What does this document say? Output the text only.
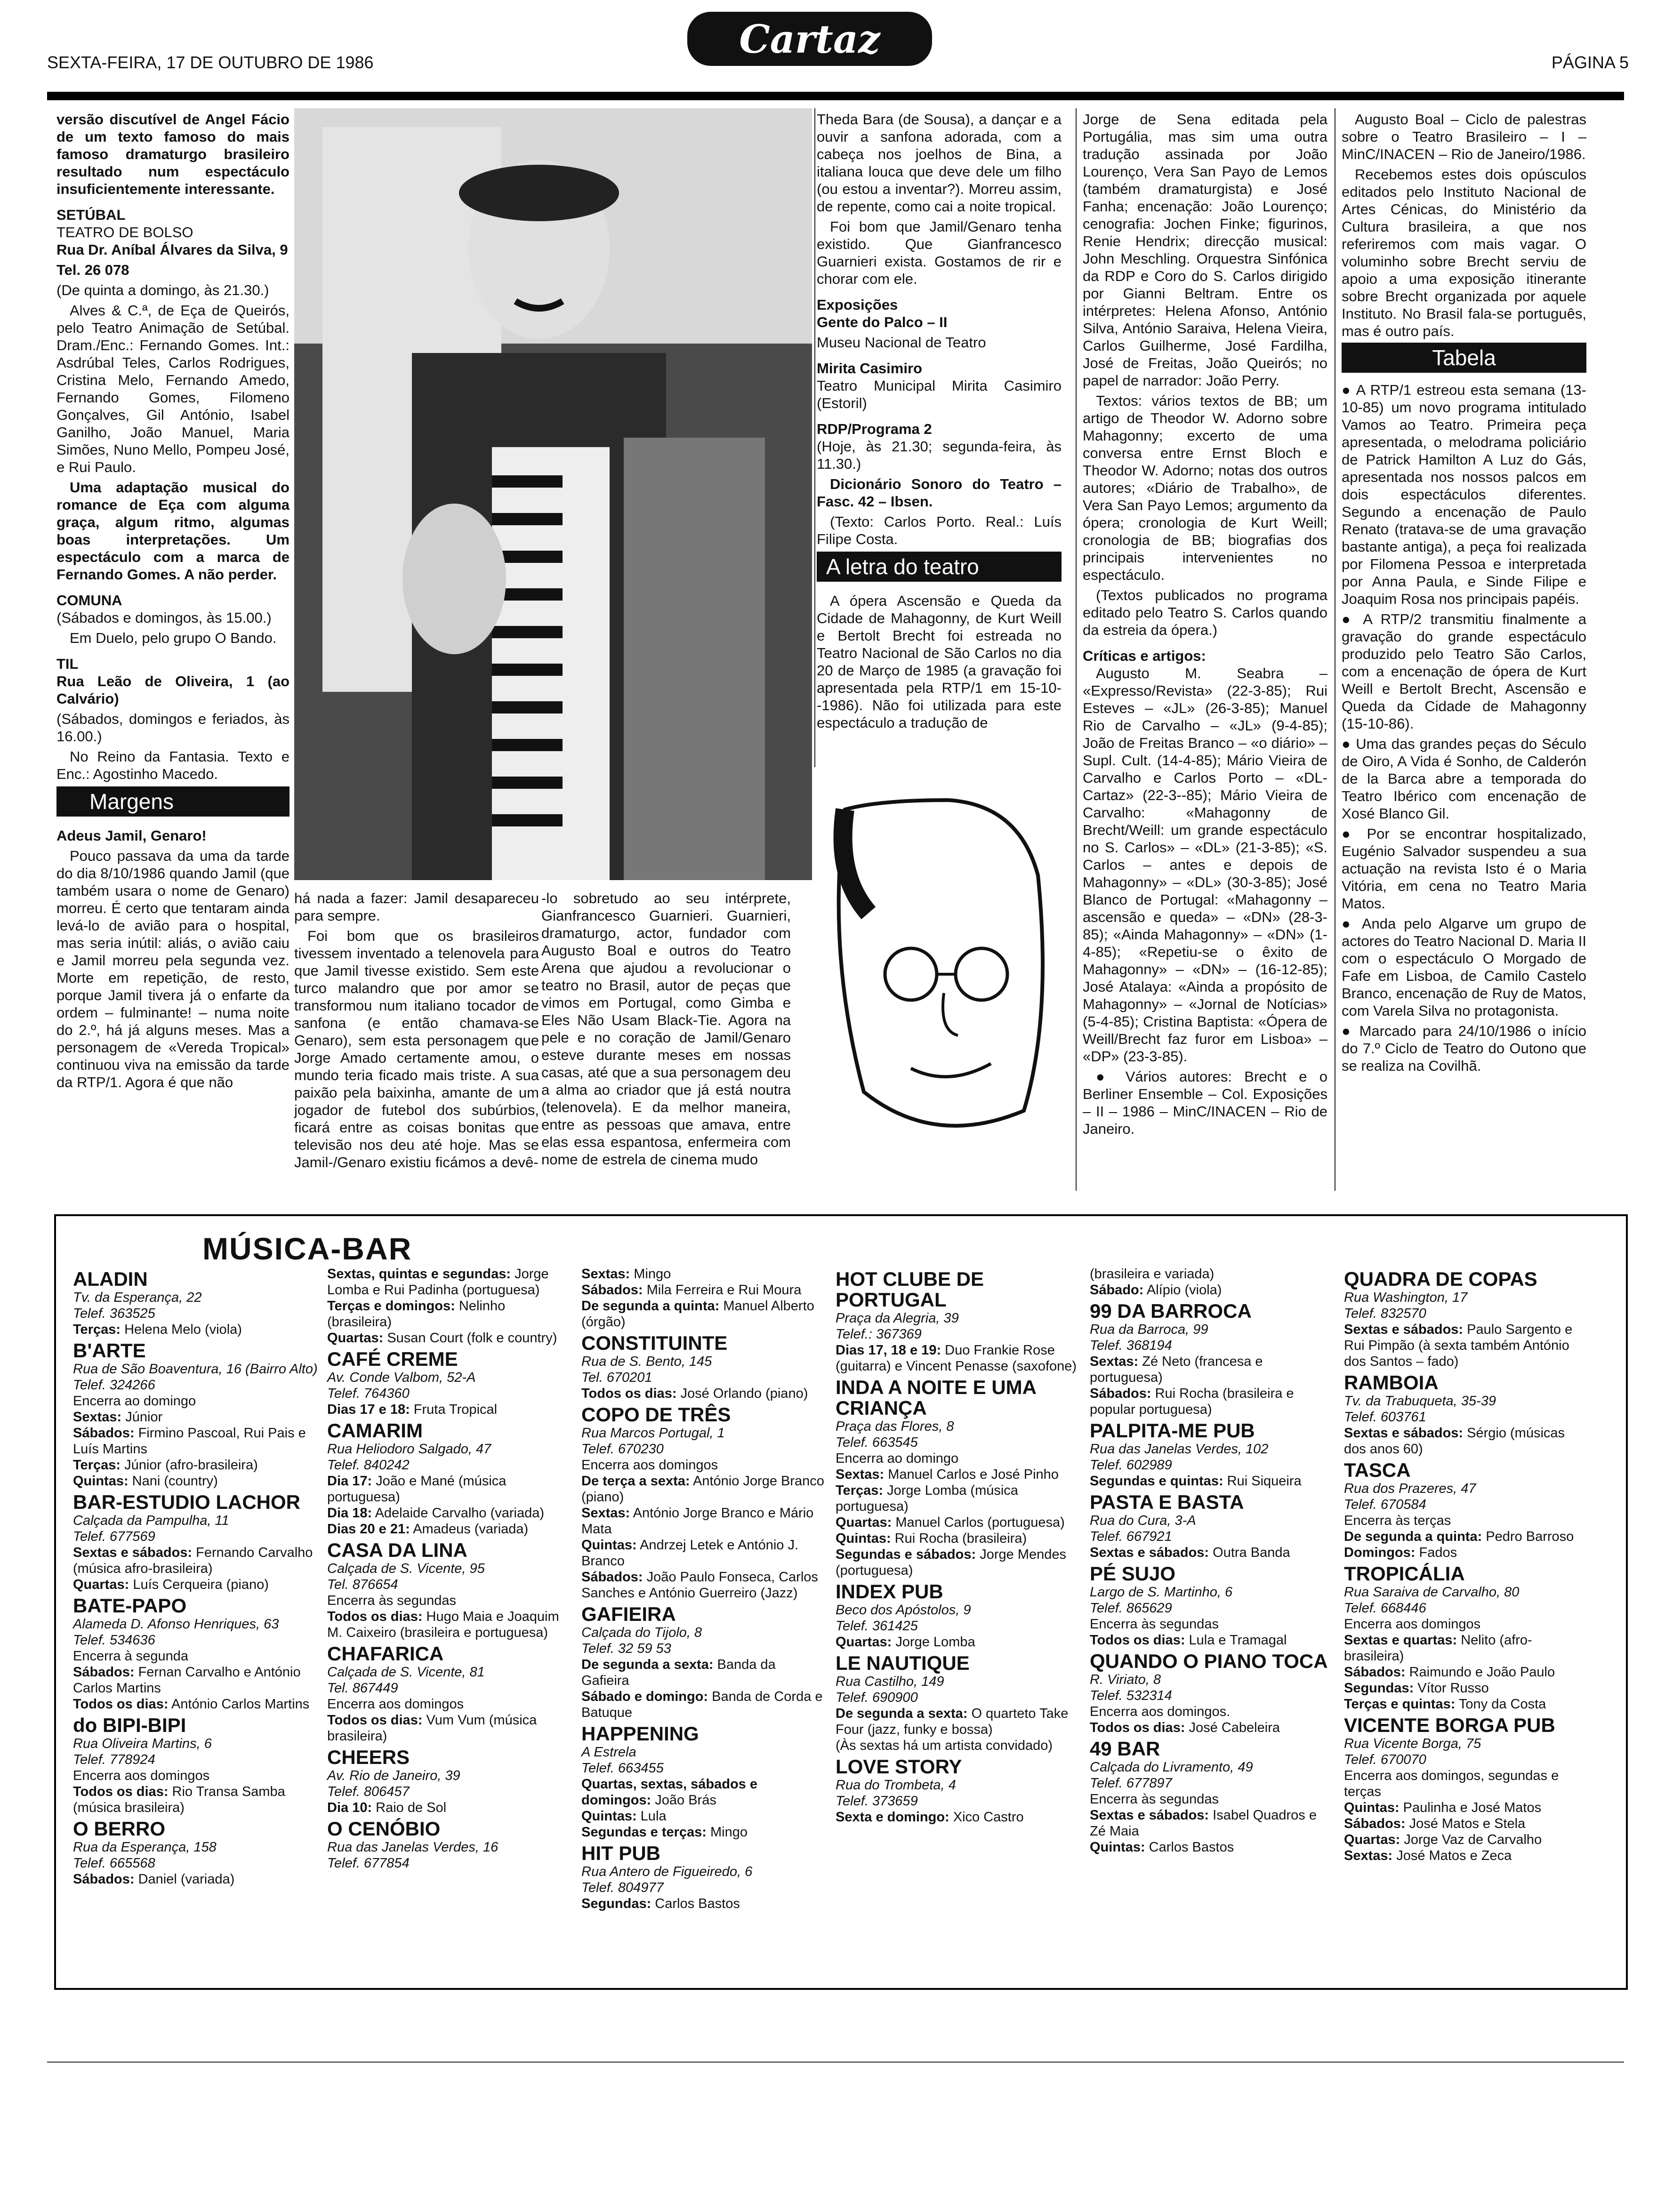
SEXTA-FEIRA, 17 DE OUTUBRO DE 1986
Cartaz
PÁGINA 5

versão discutível de Angel Fácio de um texto famoso do mais famoso dramaturgo brasileiro resultado num espectáculo insuficientemente interessante.

SETÚBAL

TEATRO DE BOLSO

Rua Dr. Aníbal Álvares da Silva, 9

Tel. 26 078

(De quinta a domingo, às 21.30.)

Alves & C.ª, de Eça de Queirós, pelo Teatro Animação de Setúbal. Dram./Enc.: Fernando Gomes. Int.: Asdrúbal Teles, Carlos Rodrigues, Cristina Melo, Fernando Amedo, Fernando Gomes, Filomeno Gonçalves, Gil António, Isabel Ganilho, João Manuel, Maria Simões, Nuno Mello, Pompeu José, e Rui Paulo.

Uma adaptação musical do romance de Eça com alguma graça, algum ritmo, algumas boas interpretações. Um espectáculo com a marca de Fernando Gomes. A não perder.

COMUNA

(Sábados e domingos, às 15.00.)

Em Duelo, pelo grupo O Bando.

TIL

Rua Leão de Oliveira, 1 (ao Calvário)

(Sábados, domingos e feriados, às 16.00.)

No Reino da Fantasia. Texto e Enc.: Agostinho Macedo.

Margens

Adeus Jamil, Genaro!

Pouco passava da uma da tarde do dia 8/10/1986 quando Jamil (que também usara o nome de Genaro) morreu. É certo que tentaram ainda levá-lo de avião para o hospital, mas seria inútil: aliás, o avião caiu e Jamil morreu pela segunda vez. Morte em repetição, de resto, porque Jamil tivera já o enfarte da ordem – fulminante! – numa noite do 2.º, há já alguns meses. Mas a personagem de «Vereda Tropical» continuou viva na emissão da tarde da RTP/1. Agora é que não

há nada a fazer: Jamil desapareceu para sempre.

Foi bom que os brasileiros tivessem inventado a telenovela para que Jamil tivesse existido. Sem este turco malandro que por amor se transformou num italiano tocador de sanfona (e então chamava-se Genaro), sem esta personagem que Jorge Amado certamente amou, o mundo teria ficado mais triste. A sua paixão pela baixinha, amante de um jogador de futebol dos subúrbios, ficará entre as coisas bonitas que televisão nos deu até hoje. Mas se Jamil-/Genaro existiu ficámos a devê-

Theda Bara (de Sousa), a dançar e a ouvir a sanfona adorada, com a cabeça nos joelhos de Bina, a italiana louca que deve dele um filho (ou estou a inventar?). Morreu assim, de repente, como cai a noite tropical.

Foi bom que Jamil/Genaro tenha existido. Que Gianfrancesco Guarnieri exista. Gostamos de rir e chorar com ele.

Exposições

Gente do Palco – II

Museu Nacional de Teatro

Mirita Casimiro

Teatro Municipal Mirita Casimiro (Estoril)

RDP/Programa 2

(Hoje, às 21.30; segunda-feira, às 11.30.)

Dicionário Sonoro do Teatro – Fasc. 42 – Ibsen.

(Texto: Carlos Porto. Real.: Luís Filipe Costa.

A letra do teatro

A ópera Ascensão e Queda da Cidade de Mahagonny, de Kurt Weill e Bertolt Brecht foi estreada no Teatro Nacional de São Carlos no dia 20 de Março de 1985 (a gravação foi apresentada pela RTP/1 em 15-10--1986). Não foi utilizada para este espectáculo a tradução de

-lo sobretudo ao seu intérprete, Gianfrancesco Guarnieri. Guarnieri, dramaturgo, actor, fundador com Augusto Boal e outros do Teatro Arena que ajudou a revolucionar o teatro no Brasil, autor de peças que vimos em Portugal, como Gimba e Eles Não Usam Black-Tie. Agora na pele e no coração de Jamil/Genaro esteve durante meses em nossas casas, até que a sua personagem deu a alma ao criador que já está noutra (telenovela). E da melhor maneira, entre as pessoas que amava, entre elas essa espantosa, enfermeira com nome de estrela de cinema mudo

Jorge de Sena editada pela Portugália, mas sim uma outra tradução assinada por João Lourenço, Vera San Payo de Lemos (também dramaturgista) e José Fanha; encenação: João Lourenço; cenografia: Jochen Finke; figurinos, Renie Hendrix; direcção musical: John Meschling. Orquestra Sinfónica da RDP e Coro do S. Carlos dirigido por Gianni Beltram. Entre os intérpretes: Helena Afonso, António Silva, António Saraiva, Helena Vieira, Carlos Guilherme, José Fardilha, José de Freitas, João Queirós; no papel de narrador: João Perry.

Textos: vários textos de BB; um artigo de Theodor W. Adorno sobre Mahagonny; excerto de uma conversa entre Ernst Bloch e Theodor W. Adorno; notas dos outros autores; «Diário de Trabalho», de Vera San Payo Lemos; argumento da ópera; cronologia de Kurt Weill; cronologia de BB; biografias dos principais intervenientes no espectáculo.

(Textos publicados no programa editado pelo Teatro S. Carlos quando da estreia da ópera.)

Críticas e artigos:

Augusto M. Seabra – «Expresso/Revista» (22-3-85); Rui Esteves – «JL» (26-3-85); Manuel Rio de Carvalho – «JL» (9-4-85); João de Freitas Branco – «o diário» – Supl. Cult. (14-4-85); Mário Vieira de Carvalho e Carlos Porto – «DL-Cartaz» (22-3--85); Mário Vieira de Carvalho: «Mahagonny de Brecht/Weill: um grande espectáculo no S. Carlos» – «DL» (21-3-85); «S. Carlos – antes e depois de Mahagonny» – «DL» (30-3-85); José Blanco de Portugal: «Mahagonny – ascensão e queda» – «DN» (28-3-85); «Ainda Mahagonny» – «DN» (1-4-85); «Repetiu-se o êxito de Mahagonny» – «DN» – (16-12-85); José Atalaya: «Ainda a propósito de Mahagonny» – «Jornal de Notícias» (5-4-85); Cristina Baptista: «Ópera de Weill/Brecht faz furor em Lisboa» – «DP» (23-3-85).

● Vários autores: Brecht e o Berliner Ensemble – Col. Exposições – II – 1986 – MinC/INACEN – Rio de Janeiro.

Augusto Boal – Ciclo de palestras sobre o Teatro Brasileiro – I – MinC/INACEN – Rio de Janeiro/1986.

Recebemos estes dois opúsculos editados pelo Instituto Nacional de Artes Cénicas, do Ministério da Cultura brasileira, a que nos referiremos com mais vagar. O voluminho sobre Brecht serviu de apoio a uma exposição itinerante sobre Brecht organizada por aquele Instituto. No Brasil fala-se português, mas é outro país.

Tabela

● A RTP/1 estreou esta semana (13-10-85) um novo programa intitulado Vamos ao Teatro. Primeira peça apresentada, o melodrama policiário de Patrick Hamilton A Luz do Gás, apresentada nos nossos palcos em dois espectáculos diferentes. Segundo a encenação de Paulo Renato (tratava-se de uma gravação bastante antiga), a peça foi realizada por Filomena Pessoa e interpretada por Anna Paula, e Sinde Filipe e Joaquim Rosa nos principais papéis.

● A RTP/2 transmitiu finalmente a gravação do grande espectáculo produzido pelo Teatro São Carlos, com a encenação de ópera de Kurt Weill e Bertolt Brecht, Ascensão e Queda da Cidade de Mahagonny (15-10-86).

● Uma das grandes peças do Século de Oiro, A Vida é Sonho, de Calderón de la Barca abre a temporada do Teatro Ibérico com encenação de Xosé Blanco Gil.

● Por se encontrar hospitalizado, Eugénio Salvador suspendeu a sua actuação na revista Isto é o Maria Vitória, em cena no Teatro Maria Matos.

● Anda pelo Algarve um grupo de actores do Teatro Nacional D. Maria II com o espectáculo O Morgado de Fafe em Lisboa, de Camilo Castelo Branco, encenação de Ruy de Matos, com Varela Silva no protagonista.

● Marcado para 24/10/1986 o início do 7.º Ciclo de Teatro do Outono que se realiza na Covilhã.

MÚSICA-BAR
ALADIN
Tv. da Esperança, 22
Telef. 363525
Terças: Helena Melo (viola)
B'ARTE
Rua de São Boaventura, 16 (Bairro Alto)
Telef. 324266
Encerra ao domingo
Sextas: Júnior
Sábados: Firmino Pascoal, Rui Pais e Luís Martins
Terças: Júnior (afro-brasileira)
Quintas: Nani (country)
BAR-ESTUDIO LACHOR
Calçada da Pampulha, 11
Telef. 677569
Sextas e sábados: Fernando Carvalho (música afro-brasileira)
Quartas: Luís Cerqueira (piano)
BATE-PAPO
Alameda D. Afonso Henriques, 63
Telef. 534636
Encerra à segunda
Sábados: Fernan Carvalho e António Carlos Martins
Todos os dias: António Carlos Martins
do BIPI-BIPI
Rua Oliveira Martins, 6
Telef. 778924
Encerra aos domingos
Todos os dias: Rio Transa Samba (música brasileira)
O BERRO
Rua da Esperança, 158
Telef. 665568
Sábados: Daniel (variada)
Sextas, quintas e segundas: Jorge Lomba e Rui Padinha (portuguesa)
Terças e domingos: Nelinho (brasileira)
Quartas: Susan Court (folk e country)
CAFÉ CREME
Av. Conde Valbom, 52-A
Telef. 764360
Dias 17 e 18: Fruta Tropical
CAMARIM
Rua Heliodoro Salgado, 47
Telef. 840242
Dia 17: João e Mané (música portuguesa)
Dia 18: Adelaide Carvalho (variada)
Dias 20 e 21: Amadeus (variada)
CASA DA LINA
Calçada de S. Vicente, 95
Tel. 876654
Encerra às segundas
Todos os dias: Hugo Maia e Joaquim M. Caixeiro (brasileira e portuguesa)
CHAFARICA
Calçada de S. Vicente, 81
Tel. 867449
Encerra aos domingos
Todos os dias: Vum Vum (música brasileira)
CHEERS
Av. Rio de Janeiro, 39
Telef. 806457
Dia 10: Raio de Sol
O CENÓBIO
Rua das Janelas Verdes, 16
Telef. 677854
Sextas: Mingo
Sábados: Mila Ferreira e Rui Moura
De segunda a quinta: Manuel Alberto (órgão)
CONSTITUINTE
Rua de S. Bento, 145
Tel. 670201
Todos os dias: José Orlando (piano)
COPO DE TRÊS
Rua Marcos Portugal, 1
Telef. 670230
Encerra aos domingos
De terça a sexta: António Jorge Branco (piano)
Sextas: António Jorge Branco e Mário Mata
Quintas: Andrzej Letek e António J. Branco
Sábados: João Paulo Fonseca, Carlos Sanches e António Guerreiro (Jazz)
GAFIEIRA
Calçada do Tijolo, 8
Telef. 32 59 53
De segunda a sexta: Banda da Gafieira
Sábado e domingo: Banda de Corda e Batuque
HAPPENING
A Estrela
Telef. 663455
Quartas, sextas, sábados e domingos: João Brás
Quintas: Lula
Segundas e terças: Mingo
HIT PUB
Rua Antero de Figueiredo, 6
Telef. 804977
Segundas: Carlos Bastos
HOT CLUBE DE PORTUGAL
Praça da Alegria, 39
Telef.: 367369
Dias 17, 18 e 19: Duo Frankie Rose (guitarra) e Vincent Penasse (saxofone)
INDA A NOITE E UMA CRIANÇA
Praça das Flores, 8
Telef. 663545
Encerra ao domingo
Sextas: Manuel Carlos e José Pinho
Terças: Jorge Lomba (música portuguesa)
Quartas: Manuel Carlos (portuguesa)
Quintas: Rui Rocha (brasileira)
Segundas e sábados: Jorge Mendes (portuguesa)
INDEX PUB
Beco dos Apóstolos, 9
Telef. 361425
Quartas: Jorge Lomba
LE NAUTIQUE
Rua Castilho, 149
Telef. 690900
De segunda a sexta: O quarteto Take Four (jazz, funky e bossa)
(Às sextas há um artista convidado)
LOVE STORY
Rua do Trombeta, 4
Telef. 373659
Sexta e domingo: Xico Castro
(brasileira e variada)
Sábado: Alípio (viola)
99 DA BARROCA
Rua da Barroca, 99
Telef. 368194
Sextas: Zé Neto (francesa e portuguesa)
Sábados: Rui Rocha (brasileira e popular portuguesa)
PALPITA-ME PUB
Rua das Janelas Verdes, 102
Telef. 602989
Segundas e quintas: Rui Siqueira
PASTA E BASTA
Rua do Cura, 3-A
Telef. 667921
Sextas e sábados: Outra Banda
PÉ SUJO
Largo de S. Martinho, 6
Telef. 865629
Encerra às segundas
Todos os dias: Lula e Tramagal
QUANDO O PIANO TOCA
R. Viriato, 8
Telef. 532314
Encerra aos domingos.
Todos os dias: José Cabeleira
49 BAR
Calçada do Livramento, 49
Telef. 677897
Encerra às segundas
Sextas e sábados: Isabel Quadros e Zé Maia
Quintas: Carlos Bastos
QUADRA DE COPAS
Rua Washington, 17
Telef. 832570
Sextas e sábados: Paulo Sargento e Rui Pimpão (à sexta também António dos Santos – fado)
RAMBOIA
Tv. da Trabuqueta, 35-39
Telef. 603761
Sextas e sábados: Sérgio (músicas dos anos 60)
TASCA
Rua dos Prazeres, 47
Telef. 670584
Encerra às terças
De segunda a quinta: Pedro Barroso
Domingos: Fados
TROPICÁLIA
Rua Saraiva de Carvalho, 80
Telef. 668446
Encerra aos domingos
Sextas e quartas: Nelito (afro-brasileira)
Sábados: Raimundo e João Paulo
Segundas: Vítor Russo
Terças e quintas: Tony da Costa
VICENTE BORGA PUB
Rua Vicente Borga, 75
Telef. 670070
Encerra aos domingos, segundas e terças
Quintas: Paulinha e José Matos
Sábados: José Matos e Stela
Quartas: Jorge Vaz de Carvalho
Sextas: José Matos e Zeca
